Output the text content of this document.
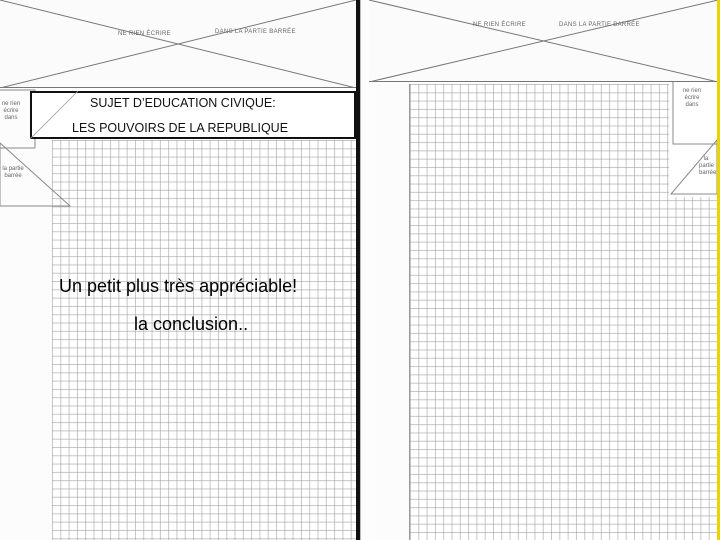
NE RIEN ÉCRIRE	DANS LA PARTIE BARRÉE
ne rien écrire dans
la partie barrée
NE RIEN ÉCRIRE	DANS LA PARTIE BARRÉE
ne rien écrire dans
la partie barrée
SUJET D’EDUCATION CIVIQUE:
LES POUVOIRS DE LA REPUBLIQUE
Un petit plus très appréciable!
la conclusion..
